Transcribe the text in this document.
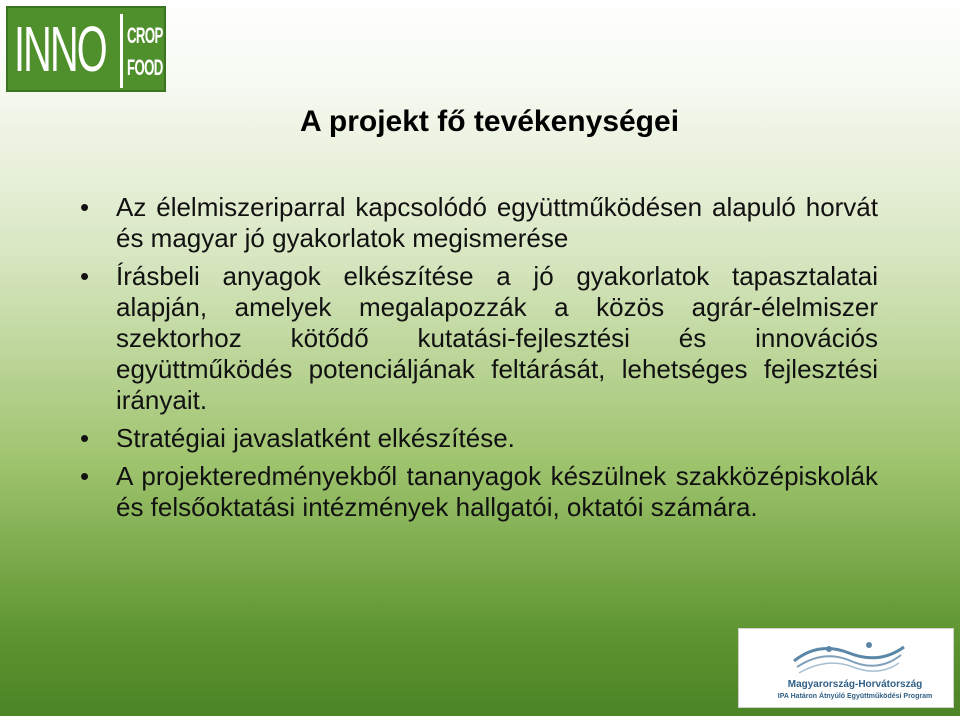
INNO CROP
FOOD
A projekt fő tevékenységei
• Az élelmiszeriparral kapcsolódó együttműködésen alapuló horvát és magyar jó gyakorlatok megismerése
• Írásbeli anyagok elkészítése a jó gyakorlatok tapasztalatai alapján, amelyek megalapozzák a közös agrár-élelmiszer szektorhoz kötődő kutatási-fejlesztési és innovációs együttműködés potenciáljának feltárását, lehetséges fejlesztési irányait.
• Stratégiai javaslatként elkészítése.
• A projekteredményekből tananyagok készülnek szakközépiskolák és felsőoktatási intézmények hallgatói, oktatói számára.
Magyarország-Horvátország
IPA Határon Átnyúló Együttműködési Program
